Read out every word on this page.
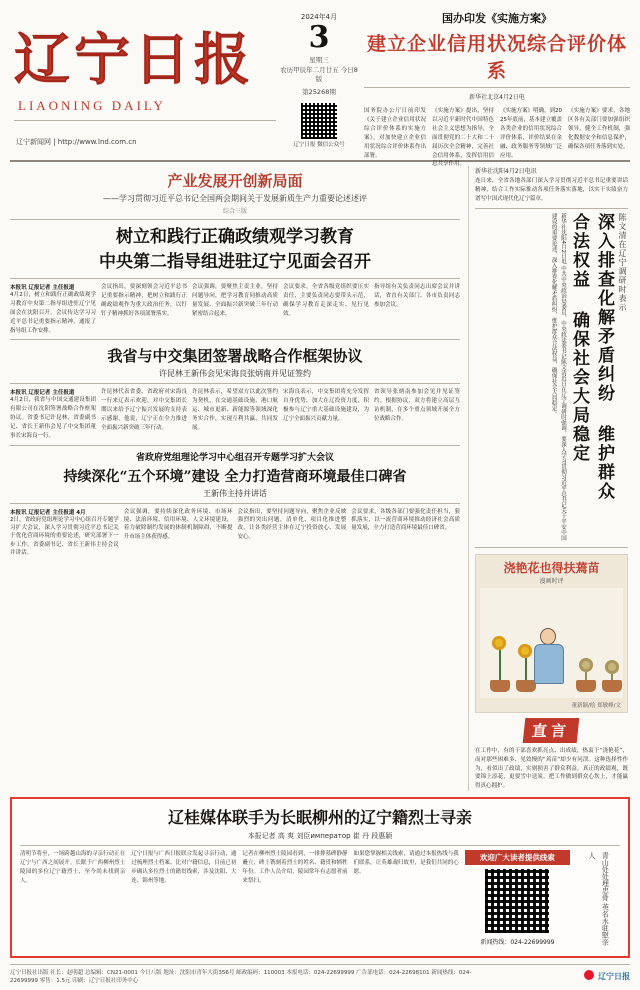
辽宁日报
LIAONING DAILY
辽宁新闻网 | http://www.lnd.com.cn
2024年4月
3
星期三
农历甲辰年二月廿五 今日8版
第25268期
辽宁日报 微信公众号
国办印发《实施方案》
建立企业信用状况综合评价体系
新华社北京4月2日电
国务院办公厅日前印发《关于建立企业信用状况综合评价体系的实施方案》，对加快建立企业信用状况综合评价体系作出部署。
《实施方案》提出，坚持以习近平新时代中国特色社会主义思想为指导，全面贯彻党的二十大和二十届历次全会精神，完善社会信用体系，发挥信用信息共享作用。
《实施方案》明确，到2025年底前，基本建立覆盖各类企业的信用状况综合评价体系，评价结果在金融、政务服务等领域广泛应用。
《实施方案》要求，各地区各有关部门要加强组织领导，健全工作机制，强化数据安全和信息保护，确保各项任务落到实处。
产业发展开创新局面
——学习贯彻习近平总书记全国两会期间关于发展新质生产力重要论述述评
综合三版
树立和践行正确政绩观学习教育
中央第二指导组进驻辽宁见面会召开
本报讯 辽报记者 主任报道
4月2日，树立和践行正确政绩观学习教育中央第二指导组进驻辽宁见面会在沈阳召开。会议传达学习习近平总书记重要指示精神，通报了指导组工作安排。
会议指出，要深刻领会习近平总书记重要指示精神，把树立和践行正确政绩观作为重大政治任务，以钉钉子精神抓好各项部署落实。
会议强调，要聚焦主责主业，坚持问题导向，把学习教育同推动高质量发展、全面振兴新突破三年行动紧密结合起来。
会议要求，全省各级党组织要压实责任，主要负责同志要带头示范，确保学习教育走深走实、见行见效。
指导组有关负责同志出席会议并讲话，省直有关部门、各市负责同志参加会议。
我省与中交集团签署战略合作框架协议
许昆林王新伟会见宋海良张炳南并见证签约
本报讯 辽报记者 主任报道
4月2日，我省与中国交通建设集团有限公司在沈阳签署战略合作框架协议。省委书记许昆林，省委副书记、省长王新伟会见了中交集团董事长宋海良一行。
许昆林代表省委、省政府对宋海良一行来辽表示欢迎，对中交集团长期以来给予辽宁振兴发展的支持表示感谢。他说，辽宁正在全力推进全面振兴新突破三年行动。
许昆林表示，希望双方以此次签约为契机，在交通基础设施、港口航运、城市更新、新能源等领域深化务实合作，实现互利共赢、共同发展。
宋海良表示，中交集团将充分发挥自身优势，加大在辽投资力度，积极参与辽宁重大基础设施建设，为辽宁全面振兴贡献力量。
省领导张炳南参加会见并见证签约。根据协议，双方将建立高层互访机制，在多个重点领域开展全方位战略合作。
省政府党组理论学习中心组召开专题学习扩大会议
持续深化“五个环境”建设 全力打造营商环境最佳口碑省
王新伟主持并讲话
本报讯 辽报记者 主任报道 4月
2日，省政府党组理论学习中心组召开专题学习扩大会议，深入学习贯彻习近平总书记关于优化营商环境的重要论述，研究部署下一步工作。省委副书记、省长王新伟主持会议并讲话。
会议强调，要持续深化政务环境、市场环境、法治环境、信用环境、人文环境建设，着力破除制约发展的体制机制障碍，不断提升市场主体获得感。
会议指出，要坚持问题导向，聚焦企业反映强烈的突出问题，清单化、项目化推进整改，让各类经营主体在辽宁投资放心、发展安心。
会议要求，各级各部门要强化责任担当，狠抓落实，以一流营商环境推动经济社会高质量发展，全力打造营商环境最佳口碑省。
新华社沈阳4月2日电讯
连日来，全省各地各部门深入学习贯彻习近平总书记重要讲话精神，结合工作实际推动各项任务落实落地，以实干实绩奋力谱写中国式现代化辽宁篇章。
陈文清在辽宁调研时表示
深入排查化解矛盾纠纷 维护群众
合法权益 确保社会大局稳定
新华社沈阳4月2日电 中共中央政治局委员、中央政法委书记陈文清近日在辽宁调研时强调，要深入学习贯彻习近平总书记关于平安中国建设的重要论述，深入排查化解矛盾纠纷，维护群众合法权益，确保社会大局稳定。
浇艳花也得扶蔫苗
漫画时评
董新颖/绘 郑敏峰/文
直言
在工作中，有的干部喜欢抓亮点、出成绩，热衷于“浇艳花”，而对那些困难多、见效慢的“蔫苗”却少有问津。这种选择性作为，看似出了政绩，实则损害了群众利益。真正的政绩观，既要锦上添花，更要雪中送炭。把工作做到群众心坎上，才能赢得真心拥护。
辽桂媒体联手为长眠柳州的辽宁籍烈士寻亲
本报记者 高 爽 刘臣император 崔 丹 段惠颖
清明节将至，一场跨越山海的寻亲行动正在辽宁与广西之间展开。长眠于广西柳州烈士陵园的多位辽宁籍烈士，至今尚未找到亲人。
辽宁日报与广西日报联合发起寻亲行动，通过梳理烈士档案、比对户籍信息，目前已初步确认多位烈士的籍贯线索，涉及沈阳、大连、锦州等地。
记者在柳州烈士陵园看到，一排排墓碑静静矗立，碑上镌刻着烈士的姓名、籍贯和牺牲年份。工作人员介绍，陵园常年有志愿者前来祭扫。
如果您掌握相关线索，请通过本报热线与我们联系。让英雄魂归故里，是我们共同的心愿。
欢迎广大读者提供线索
新闻热线：024-22699999	青山处处埋忠骨 英名永驻慰亲人
辽宁日报社出版 社长：赵明超 总编辑：CN21-0001 今日八版 地址：沈阳市青年大街356号 邮政编码：110003 本报电话：024-22699999 广告部电话：024-22698101 新闻热线：024-22699999 零售：1.5元 印刷：辽宁日报社印务中心	辽宁日报
